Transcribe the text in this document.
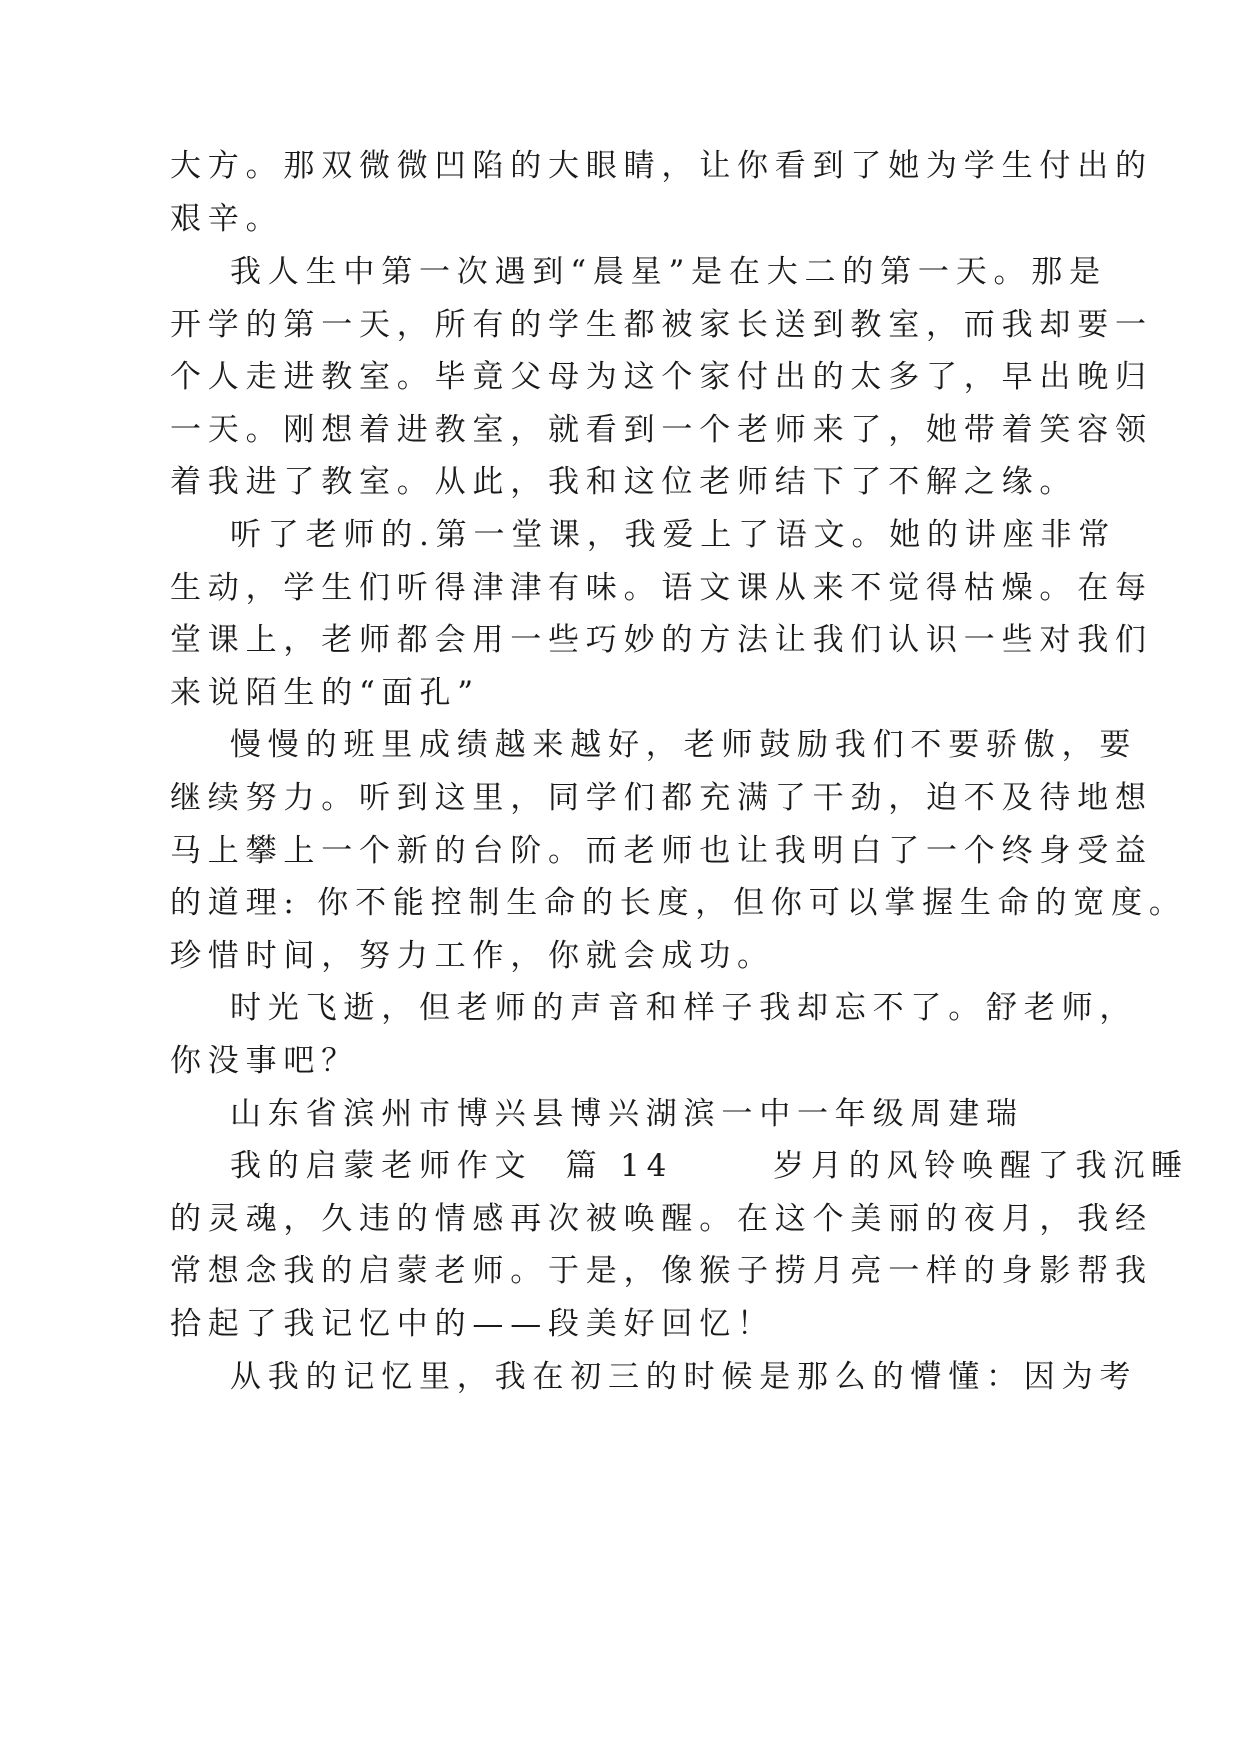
大方。那双微微凹陷的大眼睛，让你看到了她为学生付出的
艰辛。
我人生中第一次遇到“晨星”是在大二的第一天。那是
开学的第一天，所有的学生都被家长送到教室，而我却要一
个人走进教室。毕竟父母为这个家付出的太多了，早出晚归
一天。刚想着进教室，就看到一个老师来了，她带着笑容领
着我进了教室。从此，我和这位老师结下了不解之缘。
听了老师的.第一堂课，我爱上了语文。她的讲座非常
生动，学生们听得津津有味。语文课从来不觉得枯燥。在每
堂课上，老师都会用一些巧妙的方法让我们认识一些对我们
来说陌生的“面孔”
慢慢的班里成绩越来越好，老师鼓励我们不要骄傲，要
继续努力。听到这里，同学们都充满了干劲，迫不及待地想
马上攀上一个新的台阶。而老师也让我明白了一个终身受益
的道理: 你不能控制生命的长度，但你可以掌握生命的宽度。
珍惜时间，努力工作，你就会成功。
时光飞逝，但老师的声音和样子我却忘不了。舒老师，
你没事吧？
山东省滨州市博兴县博兴湖滨一中一年级周建瑞
我的启蒙老师作文  篇 14      岁月的风铃唤醒了我沉睡
的灵魂，久违的情感再次被唤醒。在这个美丽的夜月，我经
常想念我的启蒙老师。于是，像猴子捞月亮一样的身影帮我
拾起了我记忆中的——段美好回忆！
从我的记忆里，我在初三的时候是那么的懵懂：因为考
